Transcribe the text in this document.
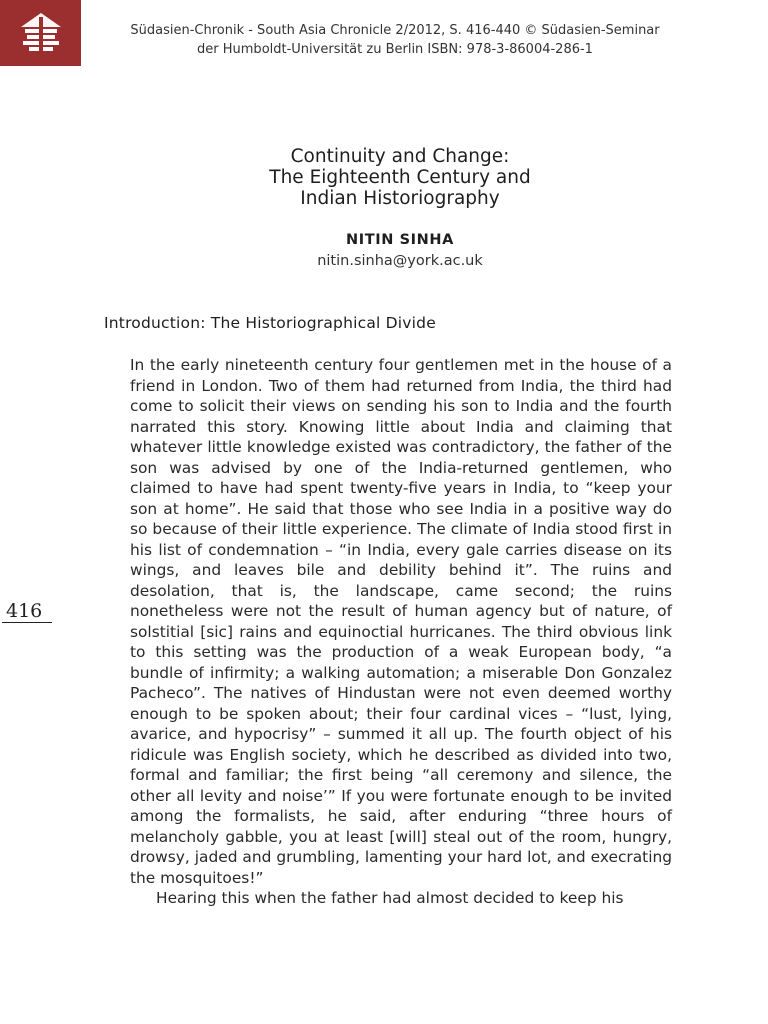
Südasien-Chronik - South Asia Chronicle 2/2012, S. 416-440 © Südasien-Seminar
der Humboldt-Universität zu Berlin ISBN: 978-3-86004-286-1
Continuity and Change:
The Eighteenth Century and
Indian Historiography
NITIN SINHA
nitin.sinha@york.ac.uk
Introduction: The Historiographical Divide
416

In the early nineteenth century four gentlemen met in the house of a friend in London. Two of them had returned from India, the third had come to solicit their views on sending his son to India and the fourth narrated this story. Knowing little about India and claiming that whatever little knowledge existed was contradictory, the father of the son was advised by one of the India-returned gentlemen, who claimed to have had spent twenty-five years in India, to “keep your son at home”. He said that those who see India in a positive way do so because of their little experience. The climate of India stood first in his list of condemnation – “in India, every gale carries disease on its wings, and leaves bile and debility behind it”. The ruins and desolation, that is, the landscape, came second; the ruins nonetheless were not the result of human agency but of nature, of solstitial [sic] rains and equinoctial hurricanes. The third obvious link to this setting was the production of a weak European body, “a bundle of infirmity; a walking automation; a miserable Don Gonzalez Pacheco”. The natives of Hindustan were not even deemed worthy enough to be spoken about; their four cardinal vices – “lust, lying, avarice, and hypocrisy” – summed it all up. The fourth object of his ridicule was English society, which he described as divided into two, formal and familiar; the first being “all ceremony and silence, the other all levity and noise’” If you were fortunate enough to be invited among the formalists, he said, after enduring “three hours of melancholy gabble, you at least [will] steal out of the room, hungry, drowsy, jaded and grumbling, lamenting your hard lot, and execrating the mosquitoes!”

Hearing this when the father had almost decided to keep his
